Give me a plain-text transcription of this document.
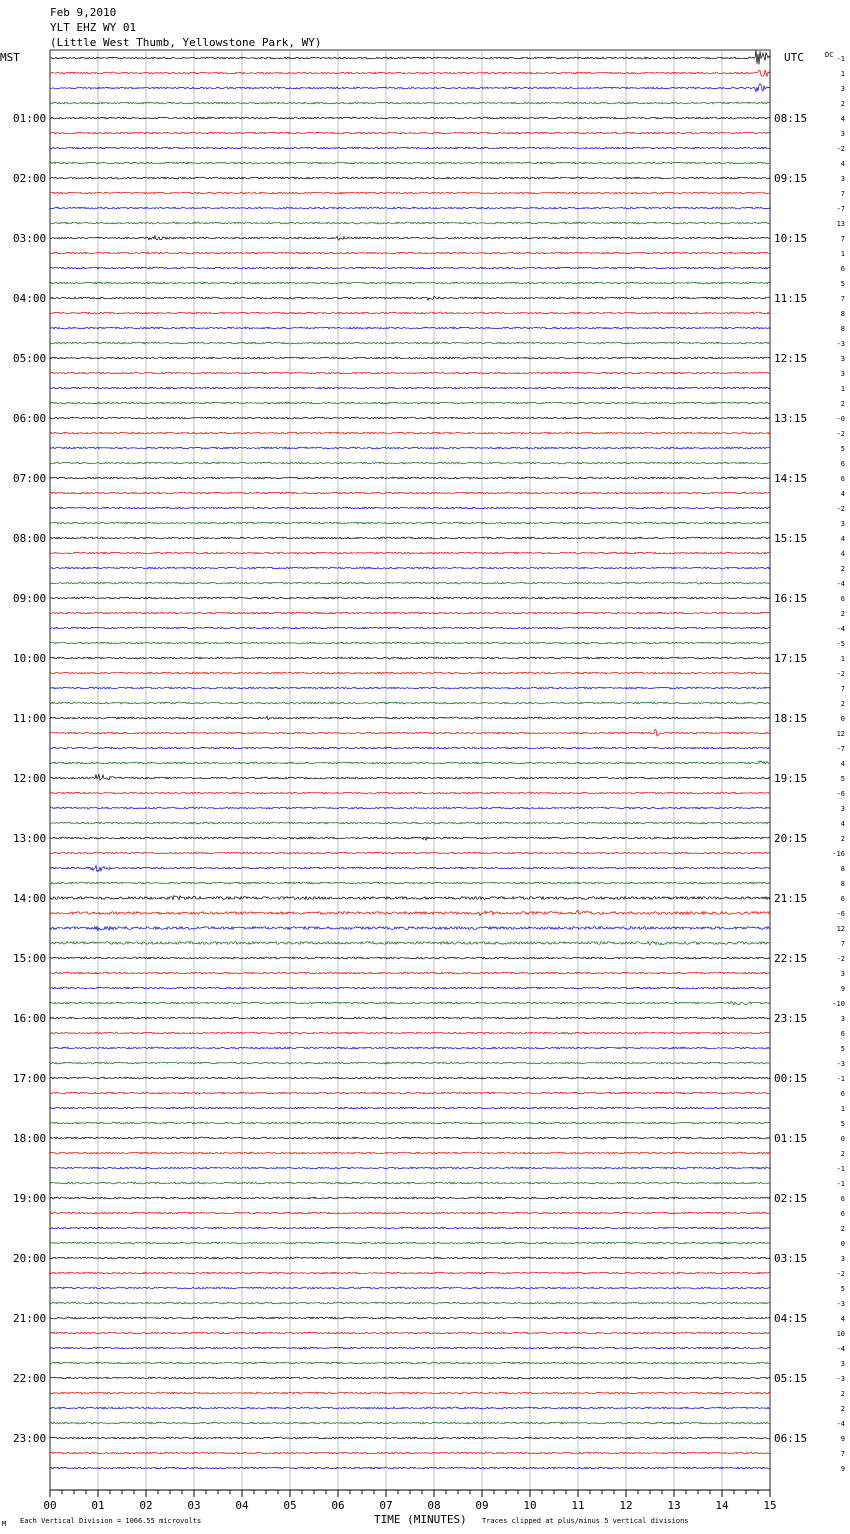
Feb 9,2010
YLT EHZ WY 01
(Little West Thumb, Yellowstone Park, WY)
MST	UTC	DC
01:00
02:00
03:00
04:00
05:00
06:00
07:00
08:00
09:00
10:00
11:00
12:00
13:00
14:00
15:00
16:00
17:00
18:00
19:00
20:00
21:00
22:00
23:00
08:15
09:15
10:15
11:15
12:15
13:15
14:15
15:15
16:15
17:15
18:15
19:15
20:15
21:15
22:15
23:15
00:15
01:15
02:15
03:15
04:15
05:15
06:15
-1
1
3
2
4
3
-2
4
3
7
-7
13
7
1
6
5
7
8
8
-3
3
3
1
2
-0
-2
5
6
6
4
-2
3
4
4
2
-4
6
2
-4
-5
1
-2
7
2
0
12
-7
4
5
-6
3
4
2
-16
8
8
6
-6
12
7
-2
3
9
-10
3
6
5
-3
-1
6
1
5
0
2
-1
-1
6
6
2
0
3
-2
5
-3
4
10
-4
3
-3
2
2
-4
9
7
9
00	01	02	03	04	05	06	07	08	09	10	11	12	13	14	15
TIME (MINUTES)
M Each Vertical Division = 1066.55 microvolts	Traces clipped at plus/minus 5 vertical divisions
